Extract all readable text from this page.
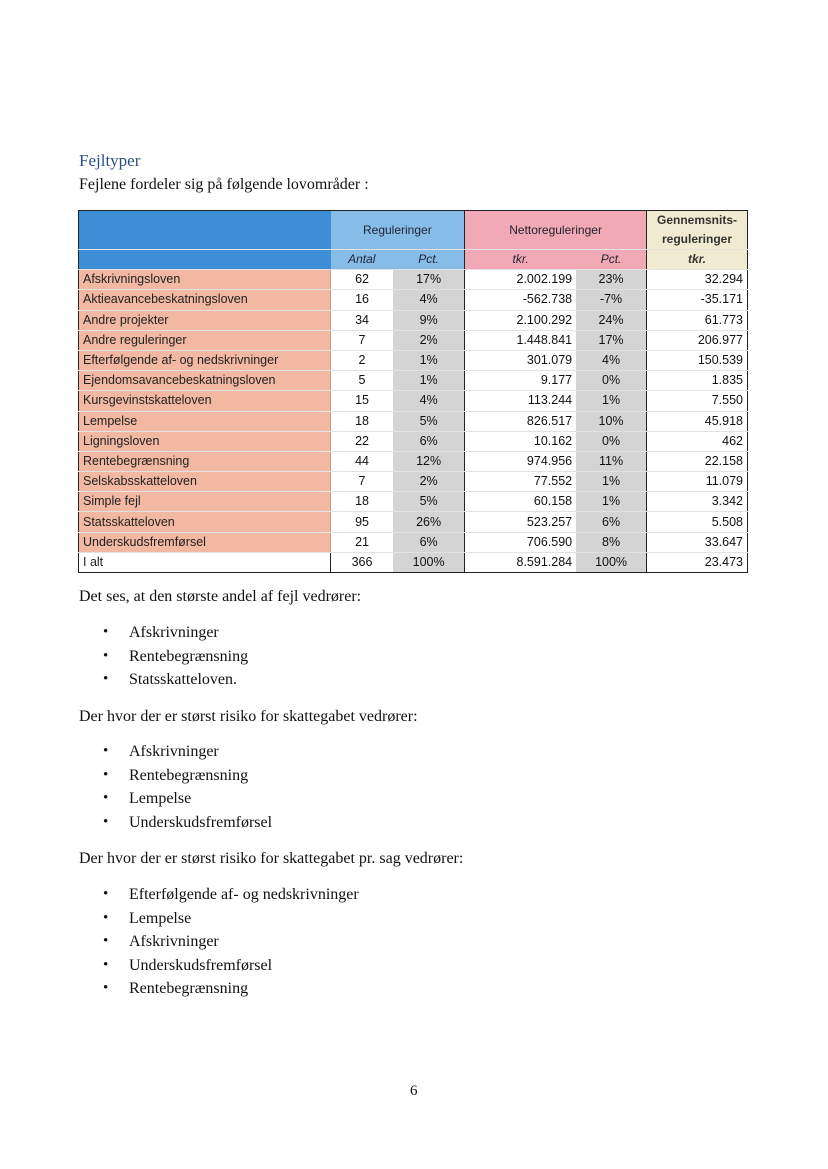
Fejltyper
Fejlene fordeler sig på følgende lovområder :
	Reguleringer		Nettoreguleringer		Gennemsnits-reguleringer
	Antal	Pct.	tkr.	Pct.	tkr.
Afskrivningsloven	62	17%	2.002.199	23%	32.294
Aktieavancebeskatningsloven	16	4%	-562.738	-7%	-35.171
Andre projekter	34	9%	2.100.292	24%	61.773
Andre reguleringer	7	2%	1.448.841	17%	206.977
Efterfølgende af- og nedskrivninger	2	1%	301.079	4%	150.539
Ejendomsavancebeskatningsloven	5	1%	9.177	0%	1.835
Kursgevinstskatteloven	15	4%	113.244	1%	7.550
Lempelse	18	5%	826.517	10%	45.918
Ligningsloven	22	6%	10.162	0%	462
Rentebegrænsning	44	12%	974.956	11%	22.158
Selskabsskatteloven	7	2%	77.552	1%	11.079
Simple fejl	18	5%	60.158	1%	3.342
Statsskatteloven	95	26%	523.257	6%	5.508
Underskudsfremførsel	21	6%	706.590	8%	33.647
I alt	366	100%	8.591.284	100%	23.473
Det ses, at den største andel af fejl vedrører:
• Afskrivninger
• Rentebegrænsning
• Statsskatteloven.
Der hvor der er størst risiko for skattegabet vedrører:
• Afskrivninger
• Rentebegrænsning
• Lempelse
• Underskudsfremførsel
Der hvor der er størst risiko for skattegabet pr. sag vedrører:
• Efterfølgende af- og nedskrivninger
• Lempelse
• Afskrivninger
• Underskudsfremførsel
• Rentebegrænsning
6
